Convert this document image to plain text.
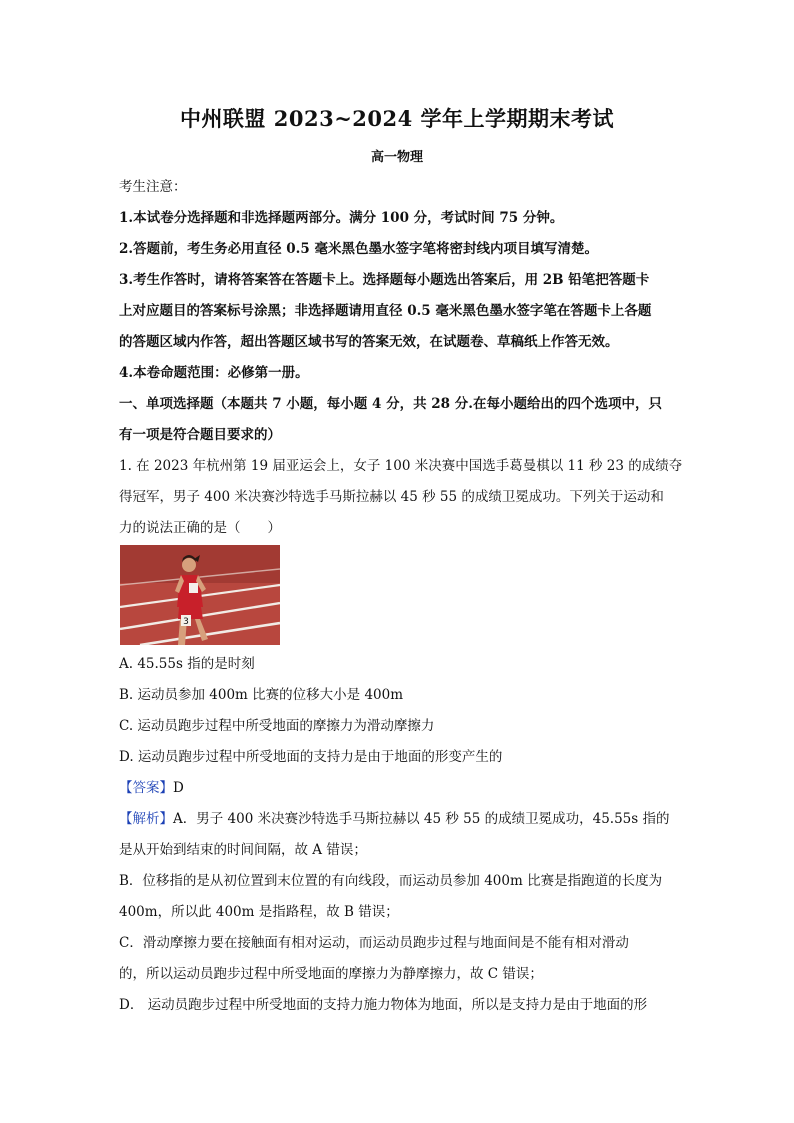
中州联盟 2023~2024 学年上学期期末考试
高一物理
考生注意：
1.本试卷分选择题和非选择题两部分。满分 100 分，考试时间 75 分钟。
2.答题前，考生务必用直径 0.5 毫米黑色墨水签字笔将密封线内项目填写清楚。
3.考生作答时，请将答案答在答题卡上。选择题每小题选出答案后，用 2B 铅笔把答题卡
上对应题目的答案标号涂黑；非选择题请用直径 0.5 毫米黑色墨水签字笔在答题卡上各题
的答题区域内作答，超出答题区域书写的答案无效，在试题卷、草稿纸上作答无效。
4.本卷命题范围：必修第一册。
一、单项选择题（本题共 7 小题，每小题 4 分，共 28 分.在每小题给出的四个选项中，只
有一项是符合题目要求的）
1. 在 2023 年杭州第 19 届亚运会上，女子 100 米决赛中国选手葛曼棋以 11 秒 23 的成绩夺
得冠军，男子 400 米决赛沙特选手马斯拉赫以 45 秒 55 的成绩卫冕成功。下列关于运动和
力的说法正确的是（　　）
3
A. 45.55s 指的是时刻
B. 运动员参加 400m 比赛的位移大小是 400m
C. 运动员跑步过程中所受地面的摩擦力为滑动摩擦力
D. 运动员跑步过程中所受地面的支持力是由于地面的形变产生的
【答案】D
【解析】A．男子 400 米决赛沙特选手马斯拉赫以 45 秒 55 的成绩卫冕成功，45.55s 指的
是从开始到结束的时间间隔，故 A 错误；
B．位移指的是从初位置到末位置的有向线段，而运动员参加 400m 比赛是指跑道的长度为
400m，所以此 400m 是指路程，故 B 错误；
C．滑动摩擦力要在接触面有相对运动，而运动员跑步过程与地面间是不能有相对滑动
的，所以运动员跑步过程中所受地面的摩擦力为静摩擦力，故 C 错误；
D． 运动员跑步过程中所受地面的支持力施力物体为地面，所以是支持力是由于地面的形
